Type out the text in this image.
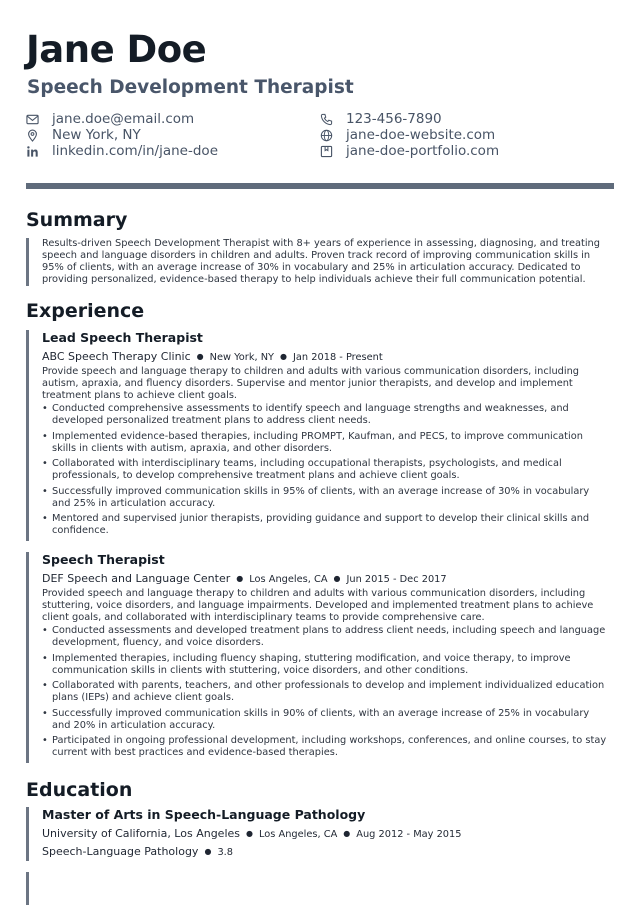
Jane Doe
Speech Development Therapist
jane.doe@email.com
New York, NY
linkedin.com/in/jane-doe
123-456-7890
jane-doe-website.com
jane-doe-portfolio.com
Summary
Results-driven Speech Development Therapist with 8+ years of experience in assessing, diagnosing, and treating speech and language disorders in children and adults. Proven track record of improving communication skills in 95% of clients, with an average increase of 30% in vocabulary and 25% in articulation accuracy. Dedicated to providing personalized, evidence-based therapy to help individuals achieve their full communication potential.
Experience
Lead Speech Therapist
ABC Speech Therapy Clinic ● New York, NY ● Jan 2018 - Present
Provide speech and language therapy to children and adults with various communication disorders, including autism, apraxia, and fluency disorders. Supervise and mentor junior therapists, and develop and implement treatment plans to achieve client goals.
• Conducted comprehensive assessments to identify speech and language strengths and weaknesses, and developed personalized treatment plans to address client needs.
• Implemented evidence-based therapies, including PROMPT, Kaufman, and PECS, to improve communication skills in clients with autism, apraxia, and other disorders.
• Collaborated with interdisciplinary teams, including occupational therapists, psychologists, and medical professionals, to develop comprehensive treatment plans and achieve client goals.
• Successfully improved communication skills in 95% of clients, with an average increase of 30% in vocabulary and 25% in articulation accuracy.
• Mentored and supervised junior therapists, providing guidance and support to develop their clinical skills and confidence.
Speech Therapist
DEF Speech and Language Center ● Los Angeles, CA ● Jun 2015 - Dec 2017
Provided speech and language therapy to children and adults with various communication disorders, including stuttering, voice disorders, and language impairments. Developed and implemented treatment plans to achieve client goals, and collaborated with interdisciplinary teams to provide comprehensive care.
• Conducted assessments and developed treatment plans to address client needs, including speech and language development, fluency, and voice disorders.
• Implemented therapies, including fluency shaping, stuttering modification, and voice therapy, to improve communication skills in clients with stuttering, voice disorders, and other conditions.
• Collaborated with parents, teachers, and other professionals to develop and implement individualized education plans (IEPs) and achieve client goals.
• Successfully improved communication skills in 90% of clients, with an average increase of 25% in vocabulary and 20% in articulation accuracy.
• Participated in ongoing professional development, including workshops, conferences, and online courses, to stay current with best practices and evidence-based therapies.
Education
Master of Arts in Speech-Language Pathology
University of California, Los Angeles ● Los Angeles, CA ● Aug 2012 - May 2015
Speech-Language Pathology ● 3.8
